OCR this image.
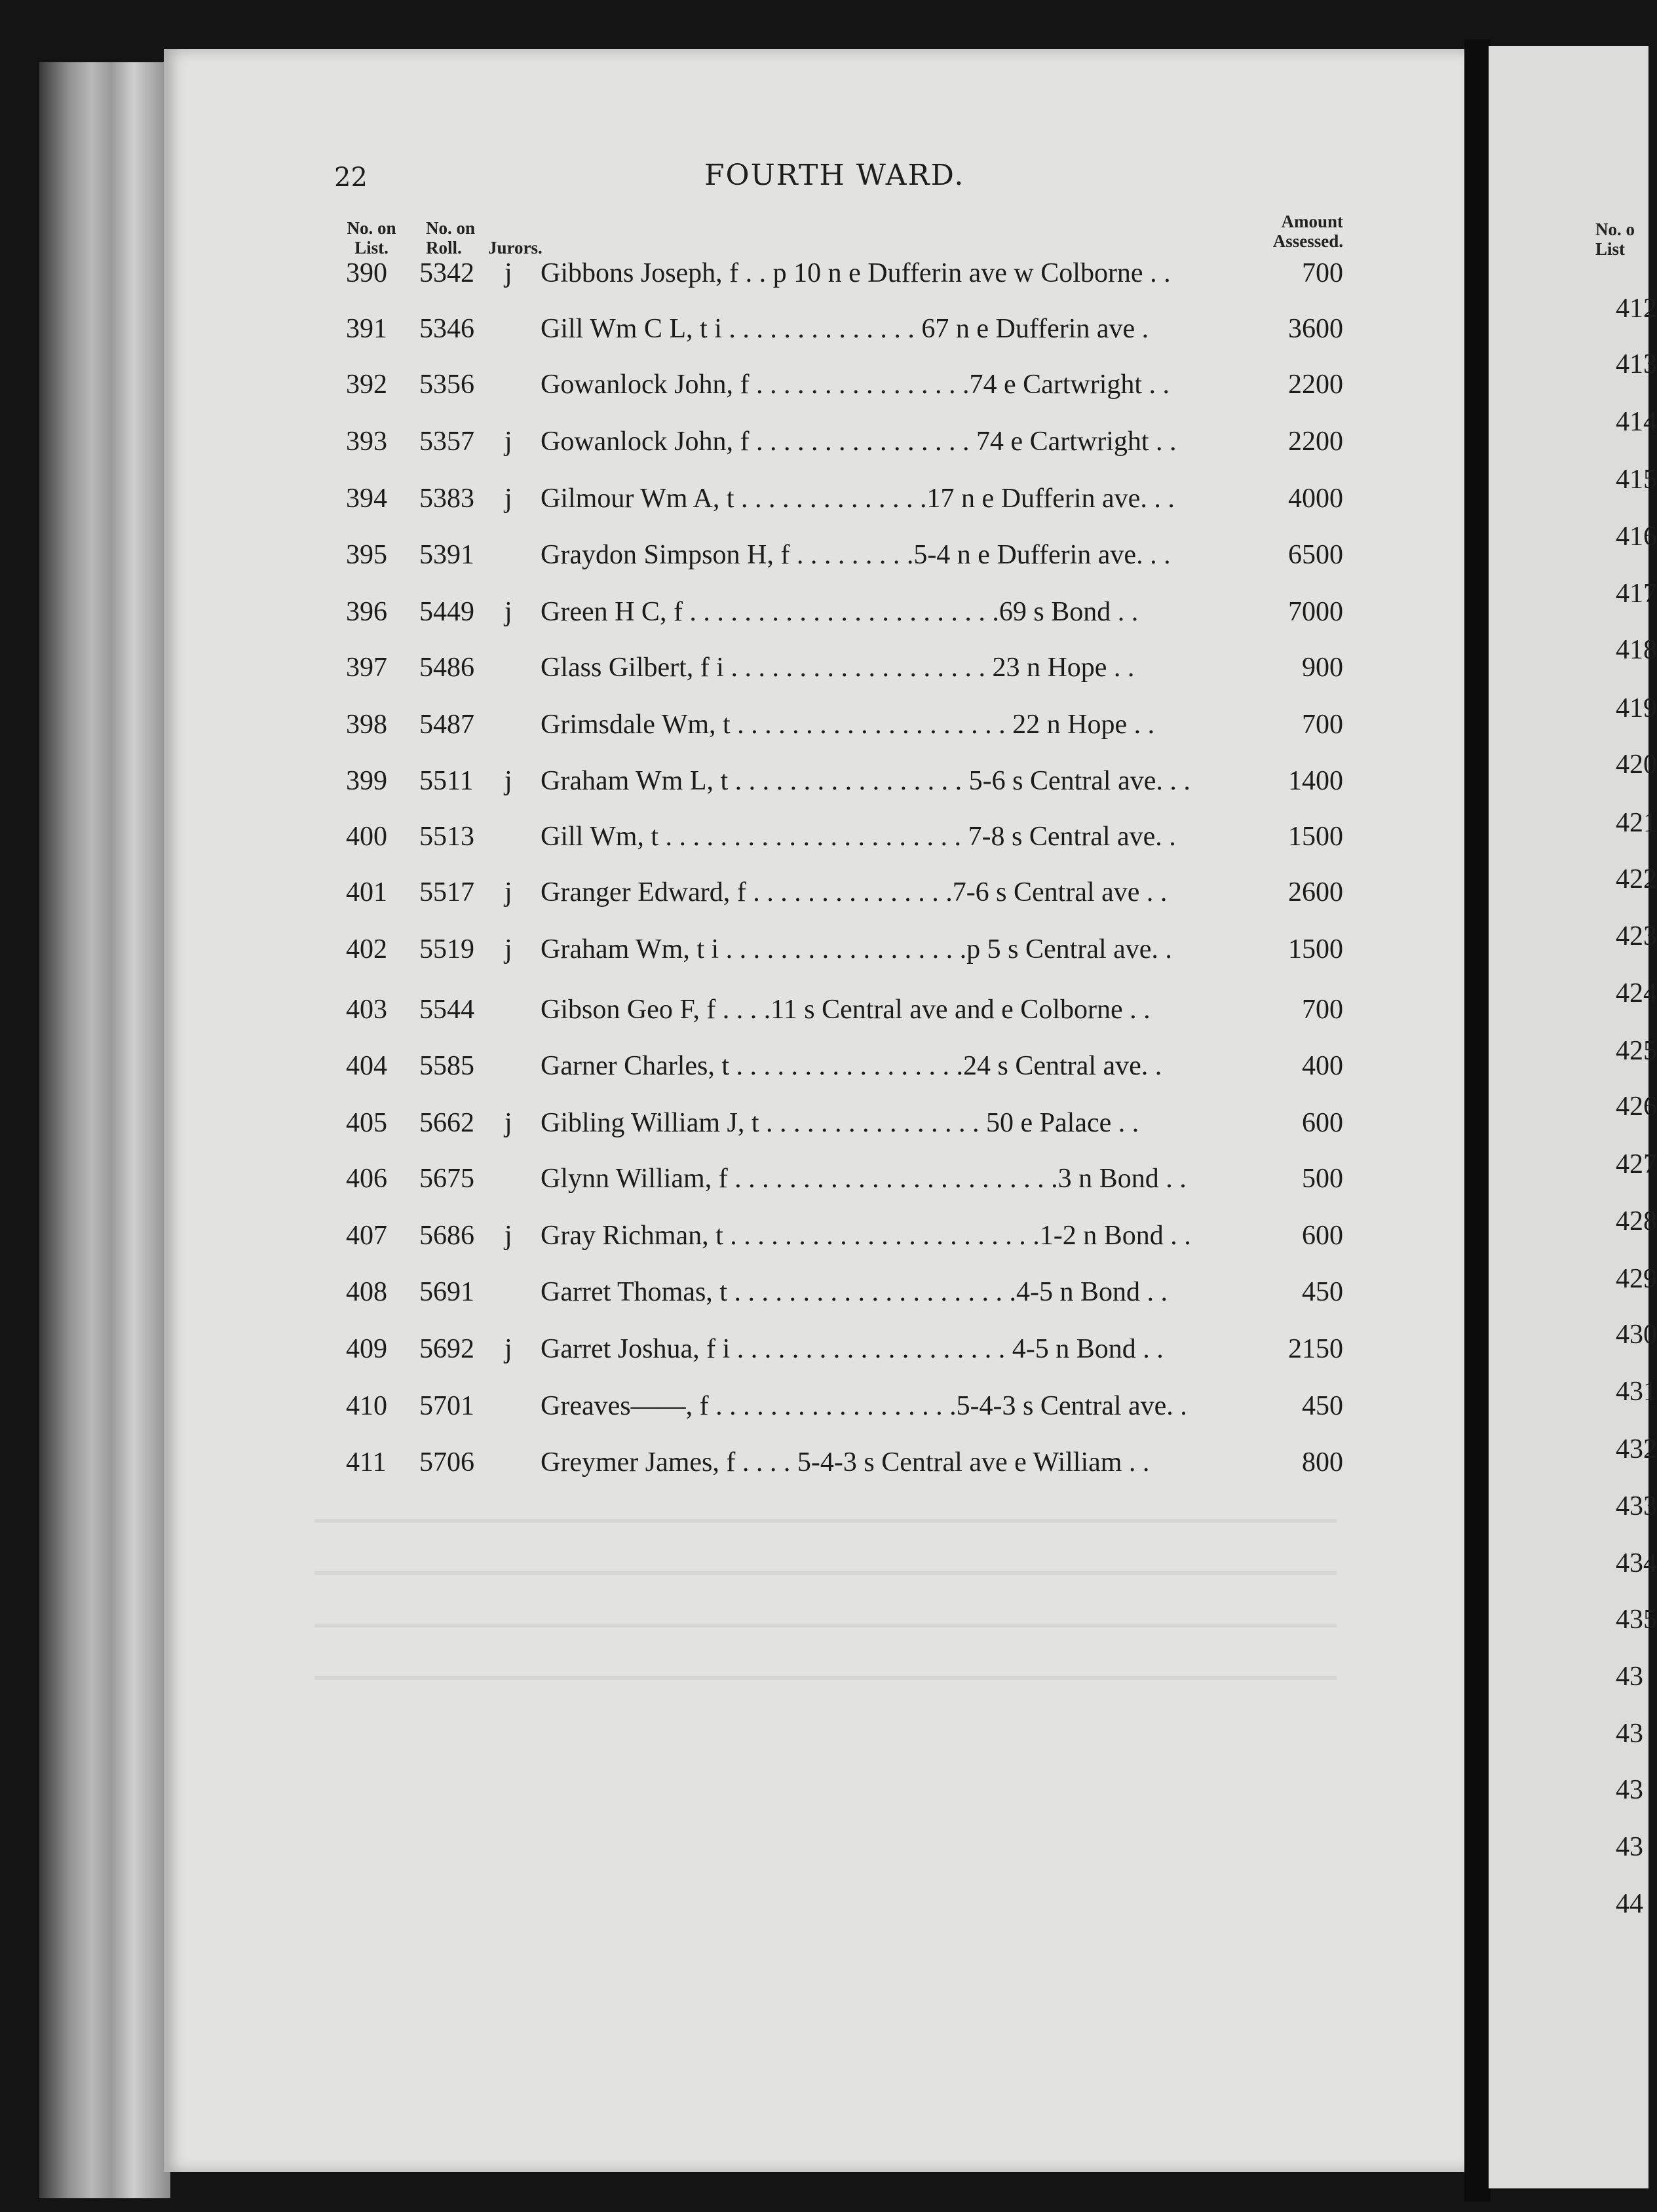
22	FOURTH WARD.
No. on
List.
No. on
Roll.	Jurors.
Amount
Assessed.
390 5342 j Gibbons Joseph, f . . p 10 n e Dufferin ave w Colborne . .	700
391 5346 Gill Wm C L, t i . . . . . . . . . . . . . . 67 n e Dufferin ave .	3600
392 5356 Gowanlock John, f . . . . . . . . . . . . . . . .74 e Cartwright . .	2200
393 5357 j Gowanlock John, f . . . . . . . . . . . . . . . . 74 e Cartwright . .	2200
394 5383 j Gilmour Wm A, t . . . . . . . . . . . . . .17 n e Dufferin ave. . .	4000
395 5391 Graydon Simpson H, f . . . . . . . . .5-4 n e Dufferin ave. . .	6500
396 5449 j Green H C, f . . . . . . . . . . . . . . . . . . . . . . .69 s Bond . .	7000
397 5486 Glass Gilbert, f i . . . . . . . . . . . . . . . . . . . 23 n Hope . .	900
398 5487 Grimsdale Wm, t . . . . . . . . . . . . . . . . . . . . 22 n Hope . .	700
399 5511 j Graham Wm L, t . . . . . . . . . . . . . . . . . 5-6 s Central ave. . .	1400
400 5513 Gill Wm, t . . . . . . . . . . . . . . . . . . . . . . 7-8 s Central ave. .	1500
401 5517 j Granger Edward, f . . . . . . . . . . . . . . .7-6 s Central ave . .	2600
402 5519 j Graham Wm, t i . . . . . . . . . . . . . . . . . .p 5 s Central ave. .	1500
403 5544 Gibson Geo F, f . . . .11 s Central ave and e Colborne . .	700
404 5585 Garner Charles, t . . . . . . . . . . . . . . . . .24 s Central ave. .	400
405 5662 j Gibling William J, t . . . . . . . . . . . . . . . . 50 e Palace . .	600
406 5675 Glynn William, f . . . . . . . . . . . . . . . . . . . . . . . .3 n Bond . .	500
407 5686 j Gray Richman, t . . . . . . . . . . . . . . . . . . . . . . .1-2 n Bond . .	600
408 5691 Garret Thomas, t . . . . . . . . . . . . . . . . . . . . .4-5 n Bond . .	450
409 5692 j Garret Joshua, f i . . . . . . . . . . . . . . . . . . . . 4-5 n Bond . .	2150
410 5701 Greaves——, f . . . . . . . . . . . . . . . . . .5-4-3 s Central ave. .	450
411 5706 Greymer James, f . . . . 5-4-3 s Central ave e William . .	800
No. o
List
412
413
414
415
416
417
418
419
420
421
422
423
424
425
426
427
428
429
430
431
432
433
434
435
43
43
43
43
44
